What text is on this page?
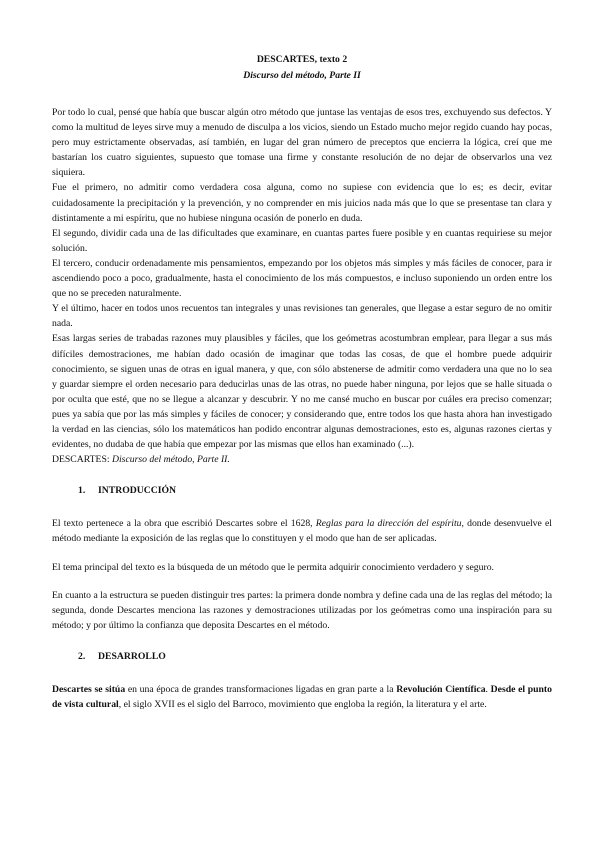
DESCARTES, texto 2

Discurso del método, Parte II

Por todo lo cual, pensé que había que buscar algún otro método que juntase las ventajas de esos tres, exchuyendo sus defectos. Y como la multitud de leyes sirve muy a menudo de disculpa a los vicios, siendo un Estado mucho mejor regido cuando hay pocas, pero muy estrictamente observadas, así también, en lugar del gran número de preceptos que encierra la lógica, creí que me bastarían los cuatro siguientes, supuesto que tomase una firme y constante resolución de no dejar de observarlos una vez siquiera.

Fue el primero, no admitir como verdadera cosa alguna, como no supiese con evidencia que lo es; es decir, evitar cuidadosamente la precipitación y la prevención, y no comprender en mis juicios nada más que lo que se presentase tan clara y distintamente a mi espíritu, que no hubiese ninguna ocasión de ponerlo en duda.

El segundo, dividir cada una de las dificultades que examinare, en cuantas partes fuere posible y en cuantas requiriese su mejor solución.

El tercero, conducir ordenadamente mis pensamientos, empezando por los objetos más simples y más fáciles de conocer, para ir ascendiendo poco a poco, gradualmente, hasta el conocimiento de los más compuestos, e incluso suponiendo un orden entre los que no se preceden naturalmente.

Y el último, hacer en todos unos recuentos tan integrales y unas revisiones tan generales, que llegase a estar seguro de no omitir nada.

Esas largas series de trabadas razones muy plausibles y fáciles, que los geómetras acostumbran emplear, para llegar a sus más difíciles demostraciones, me habían dado ocasión de imaginar que todas las cosas, de que el hombre puede adquirir conocimiento, se siguen unas de otras en igual manera, y que, con sólo abstenerse de admitir como verdadera una que no lo sea y guardar siempre el orden necesario para deducirlas unas de las otras, no puede haber ninguna, por lejos que se halle situada o por oculta que esté, que no se llegue a alcanzar y descubrir. Y no me cansé mucho en buscar por cuáles era preciso comenzar; pues ya sabía que por las más simples y fáciles de conocer; y considerando que, entre todos los que hasta ahora han investigado la verdad en las ciencias, sólo los matemáticos han podido encontrar algunas demostraciones, esto es, algunas razones ciertas y evidentes, no dudaba de que había que empezar por las mismas que ellos han examinado (...).

DESCARTES: Discurso del método, Parte II.

1. INTRODUCCIÓN

El texto pertenece a la obra que escribió Descartes sobre el 1628, Reglas para la dirección del espíritu, donde desenvuelve el método mediante la exposición de las reglas que lo constituyen y el modo que han de ser aplicadas.

El tema principal del texto es la búsqueda de un método que le permita adquirir conocimiento verdadero y seguro.

En cuanto a la estructura se pueden distinguir tres partes: la primera donde nombra y define cada una de las reglas del método; la segunda, donde Descartes menciona las razones y demostraciones utilizadas por los geómetras como una inspiración para su método; y por último la confianza que deposita Descartes en el método.

2. DESARROLLO

Descartes se sitúa en una época de grandes transformaciones ligadas en gran parte a la Revolución Científica. Desde el punto de vista cultural, el siglo XVII es el siglo del Barroco, movimiento que engloba la región, la literatura y el arte.
